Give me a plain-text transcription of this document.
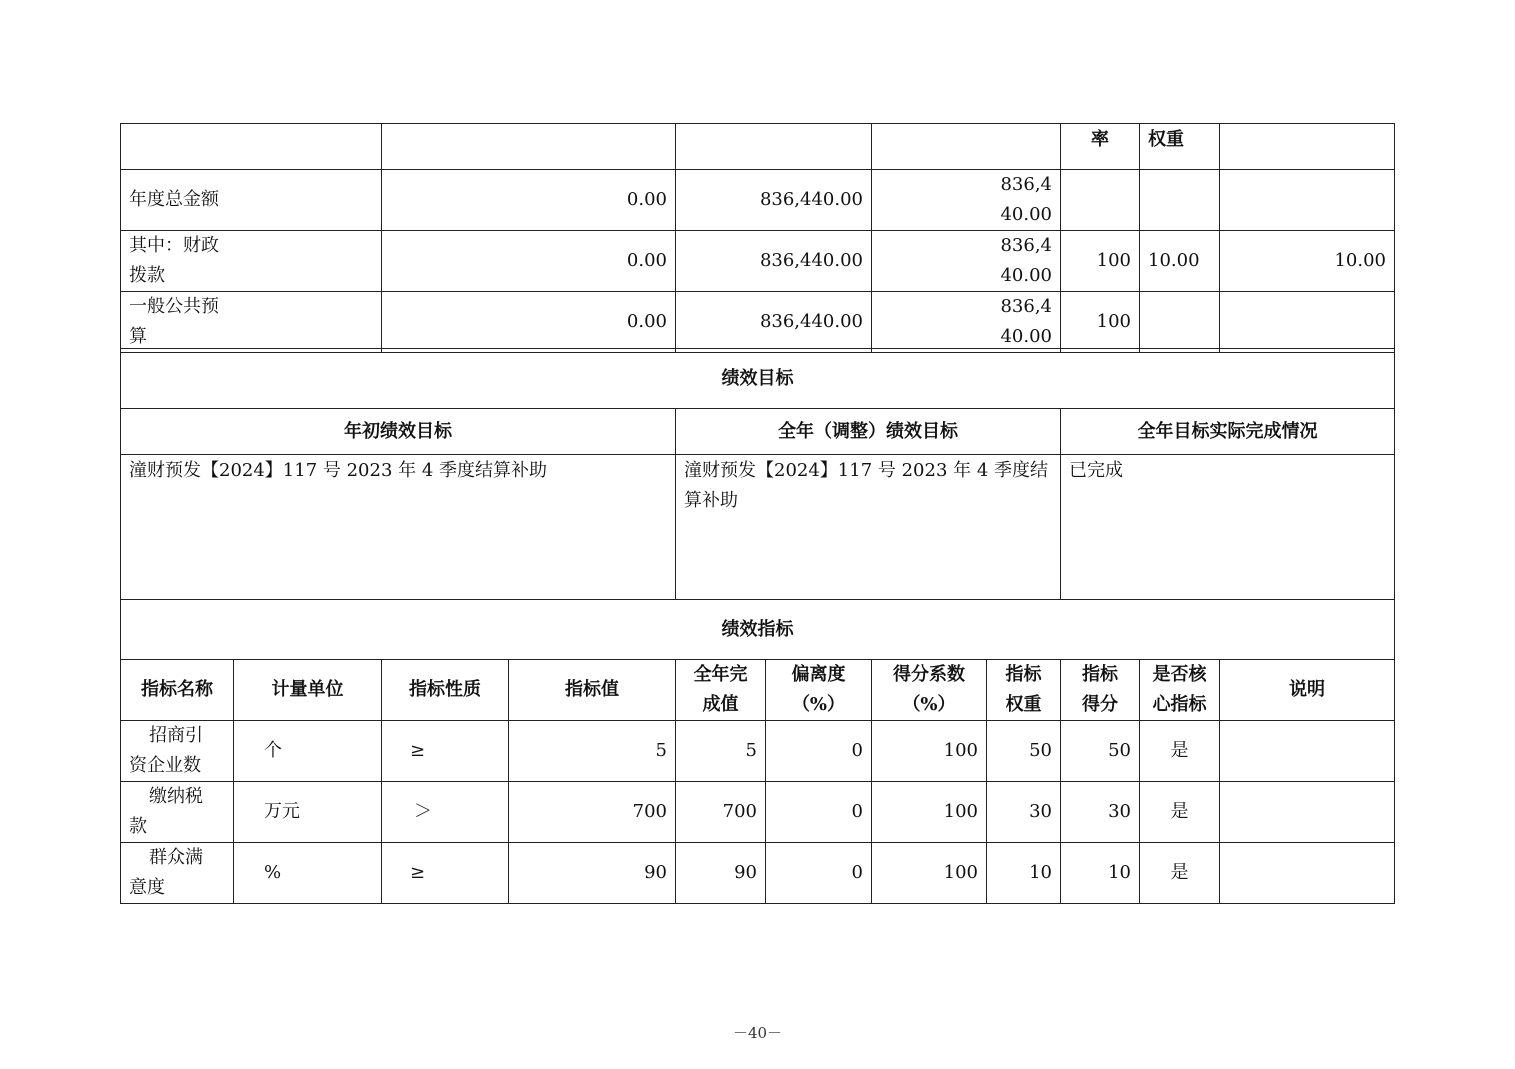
				率	权重	

年度总金额	0.00	836,440.00	836,440.00			

其中：财政拨款	0.00	836,440.00	836,440.00	100	10.00	10.00

一般公共预算	0.00	836,440.00	836,440.00	100		
绩效目标		
年初绩效目标	全年（调整）绩效目标	全年目标实际完成情况
潼财预发【2024】117 号 2023 年 4 季度结算补助	潼财预发【2024】117 号 2023 年 4 季度结算补助	已完成
绩效指标										
指标名称	计量单位	指标性质	指标值	全年完成值	偏离度（%）	得分系数（%）	指标权重	指标得分	是否核心指标	说明

招商引资企业数	个	≥	5	5	0	100	50	50	是	

缴纳税款	万元	＞	700	700	0	100	30	30	是	

群众满意度	%	≥	90	90	0	100	10	10	是	
－40－
